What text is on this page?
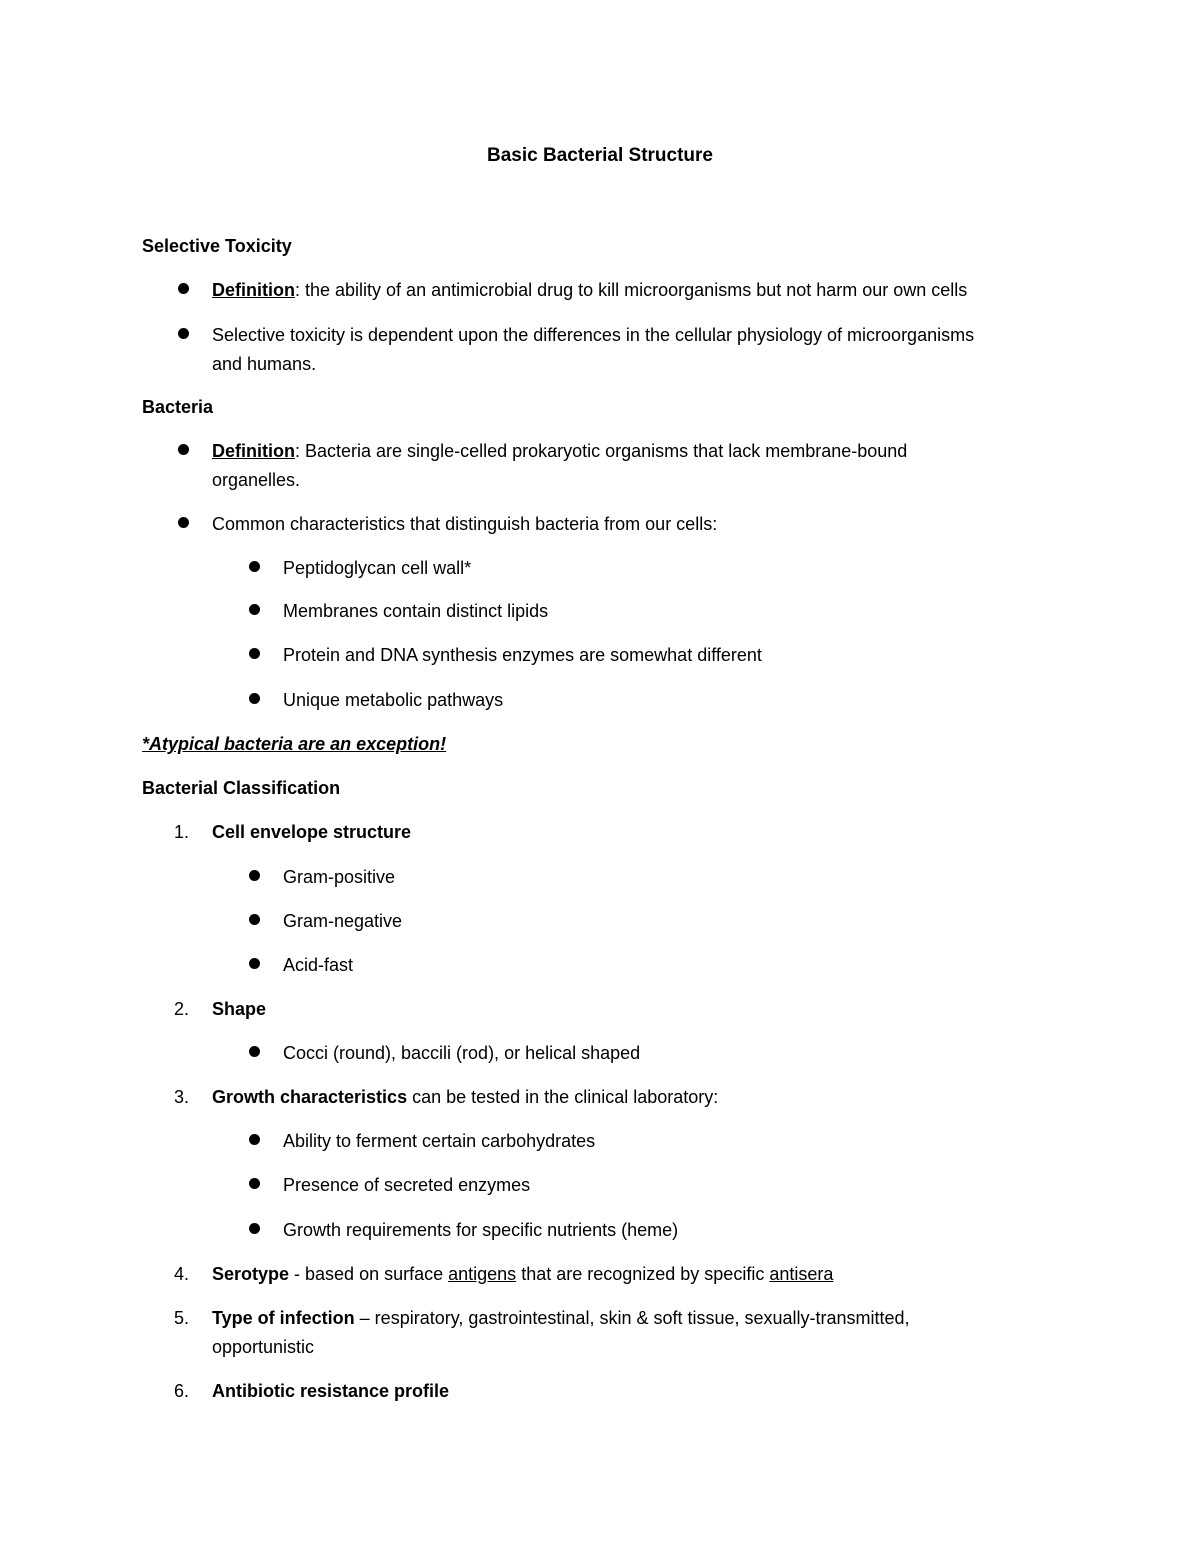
Basic Bacterial Structure
Selective Toxicity
Definition: the ability of an antimicrobial drug to kill microorganisms but not harm our own cells
Selective toxicity is dependent upon the differences in the cellular physiology of microorganisms
and humans.
Bacteria
Definition: Bacteria are single-celled prokaryotic organisms that lack membrane-bound
organelles.
Common characteristics that distinguish bacteria from our cells:
Peptidoglycan cell wall*
Membranes contain distinct lipids
Protein and DNA synthesis enzymes are somewhat different
Unique metabolic pathways
*Atypical bacteria are an exception!
Bacterial Classification
1. Cell envelope structure
Gram-positive
Gram-negative
Acid-fast
2. Shape
Cocci (round), baccili (rod), or helical shaped
3. Growth characteristics can be tested in the clinical laboratory:
Ability to ferment certain carbohydrates
Presence of secreted enzymes
Growth requirements for specific nutrients (heme)
4. Serotype - based on surface antigens that are recognized by specific antisera
5. Type of infection – respiratory, gastrointestinal, skin & soft tissue, sexually-transmitted,
opportunistic
6. Antibiotic resistance profile
